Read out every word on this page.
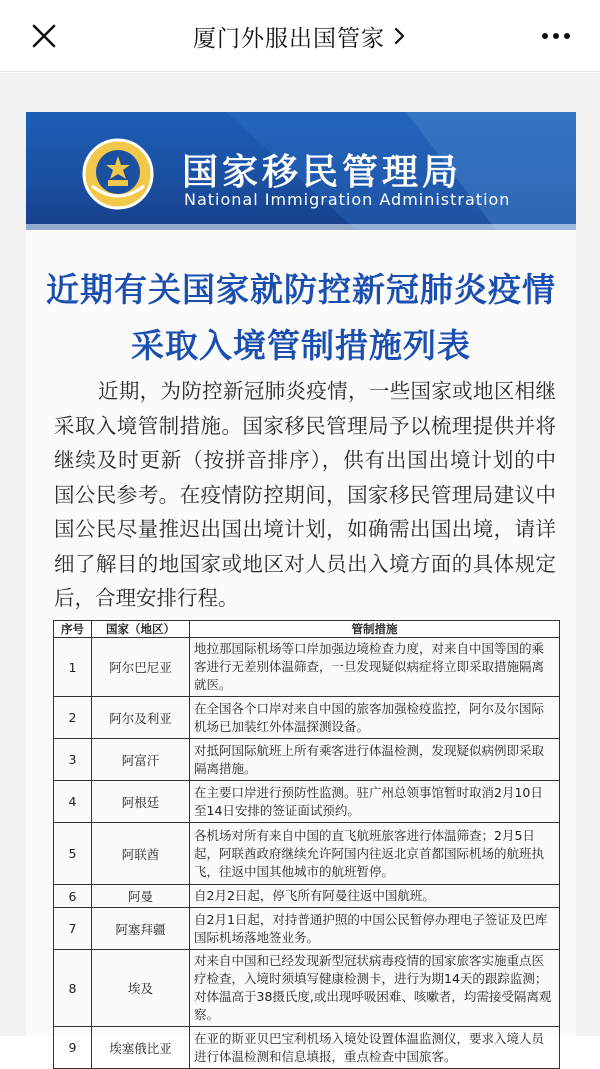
厦门外服出国管家
国家移民管理局
National Immigration Administration
近期有关国家就防控新冠肺炎疫情
采取入境管制措施列表

近期，为防控新冠肺炎疫情，一些国家或地区相继采取入境管制措施。国家移民管理局予以梳理提供并将继续及时更新（按拼音排序），供有出国出境计划的中国公民参考。在疫情防控期间，国家移民管理局建议中国公民尽量推迟出国出境计划，如确需出国出境，请详细了解目的地国家或地区对人员出入境方面的具体规定后，合理安排行程。

序号	国家（地区）	管制措施
1	阿尔巴尼亚	地拉那国际机场等口岸加强边境检查力度，对来自中国等国的乘客进行无差别体温筛查，一旦发现疑似病症将立即采取措施隔离就医。
2	阿尔及利亚	在全国各个口岸对来自中国的旅客加强检疫监控，阿尔及尔国际机场已加装红外体温探测设备。
3	阿富汗	对抵阿国际航班上所有乘客进行体温检测，发现疑似病例即采取隔离措施。
4	阿根廷	在主要口岸进行预防性监测。驻广州总领事馆暂时取消2月10日至14日安排的签证面试预约。
5	阿联酋	各机场对所有来自中国的直飞航班旅客进行体温筛查；2月5日起，阿联酋政府继续允许阿国内往返北京首都国际机场的航班执飞，往返中国其他城市的航班暂停。
6	阿曼	自2月2日起，停飞所有阿曼往返中国航班。
7	阿塞拜疆	自2月1日起，对持普通护照的中国公民暂停办理电子签证及巴库国际机场落地签业务。
8	埃及	对来自中国和已经发现新型冠状病毒疫情的国家旅客实施重点医疗检查，入境时须填写健康检测卡，进行为期14天的跟踪监测；对体温高于38摄氏度,或出现呼吸困难、咳嗽者，均需接受隔离观察。
9	埃塞俄比亚	在亚的斯亚贝巴宝利机场入境处设置体温监测仪，要求入境人员进行体温检测和信息填报，重点检查中国旅客。
